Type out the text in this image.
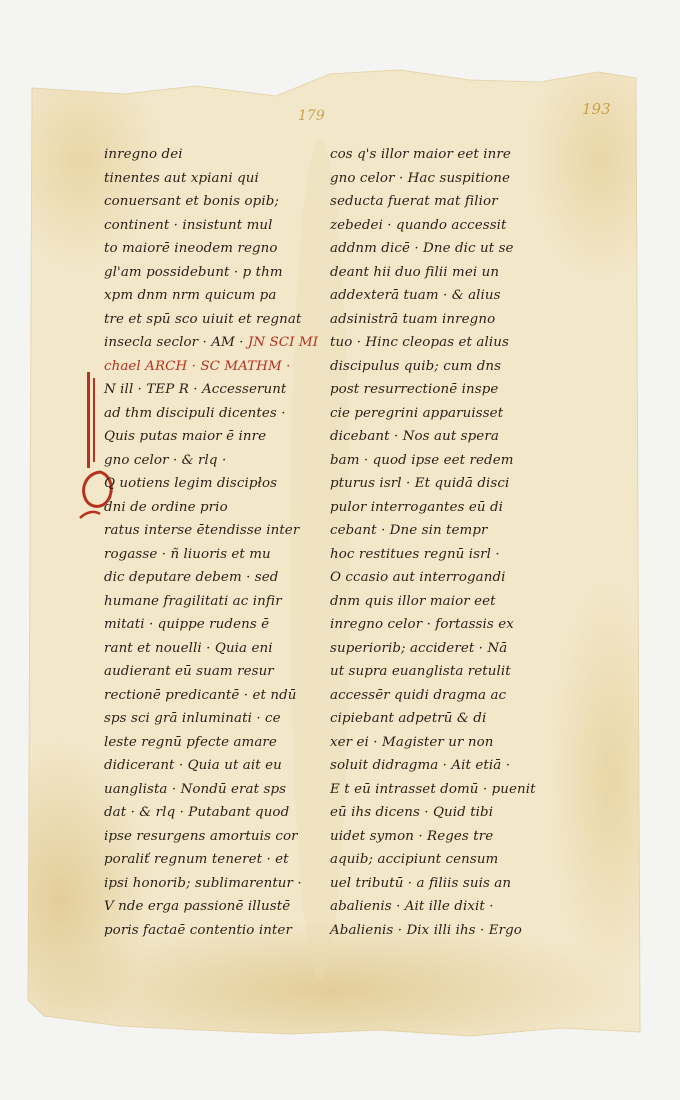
179	193
inregno dei
tinentes aut xpiani qui
conuersant et bonis opib;
continent · insistunt mul
to maiorē ineodem regno
gl'am possidebunt · p thm
xpm dnm nrm quicum pa
tre et spū sco uiuit et regnat
insecla seclor · AM · JN SCI MI
chael ARCH · SC MATHM ·
N ill · TEP R · Accesserunt
ad thm discipuli dicentes ·
Quis putas maior ē inre
gno celor · & rlq ·
Q uotiens legim discipłos
dni de ordine prio
ratus interse ētendisse inter
rogasse · ñ liuoris et mu
dic deputare debem · sed
humane fragilitati ac infir
mitati · quippe rudens ē
rant et nouelli · Quia eni
audierant eū suam resur
rectionē predicantē · et ndū
sps sci grā inluminati · ce
leste regnū pfecte amare
didicerant · Quia ut ait eu
uanglista · Nondū erat sps
dat · & rlq · Putabant quod
ipse resurgens amortuis cor
poraliť regnum teneret · et
ipsi honorib; sublimarentur ·
V nde erga passionē illustē
poris factaē contentio inter
cos q's illor maior eet inre
gno celor · Hac suspitione
seducta fuerat mat filior
zebedei · quando accessit
addnm dicē · Dne dic ut se
deant hii duo filii mei un
addexterā tuam · & alius
adsinistrā tuam inregno
tuo · Hinc cleopas et alius
discipulus quib; cum dns
post resurrectionē inspe
cie peregrini apparuisset
dicebant · Nos aut spera
bam · quod ipse eet redem
pturus isrl · Et quidā disci
pulor interrogantes eū di
cebant · Dne sin tempr
hoc restitues regnū isrl ·
O ccasio aut interrogandi
dnm quis illor maior eet
inregno celor · fortassis ex
superiorib; accideret · Nā
ut supra euanglista retulit
accessēr quidi dragma ac
cipiebant adpetrū & di
xer ei · Magister ur non
soluit didragma · Ait etiā ·
E t eū intrasset domū · puenit
eū ihs dicens · Quid tibi
uidet symon · Reges tre
aquib; accipiunt censum
uel tributū · a filiis suis an
abalienis · Ait ille dixit ·
Abalienis · Dix illi ihs · Ergo
